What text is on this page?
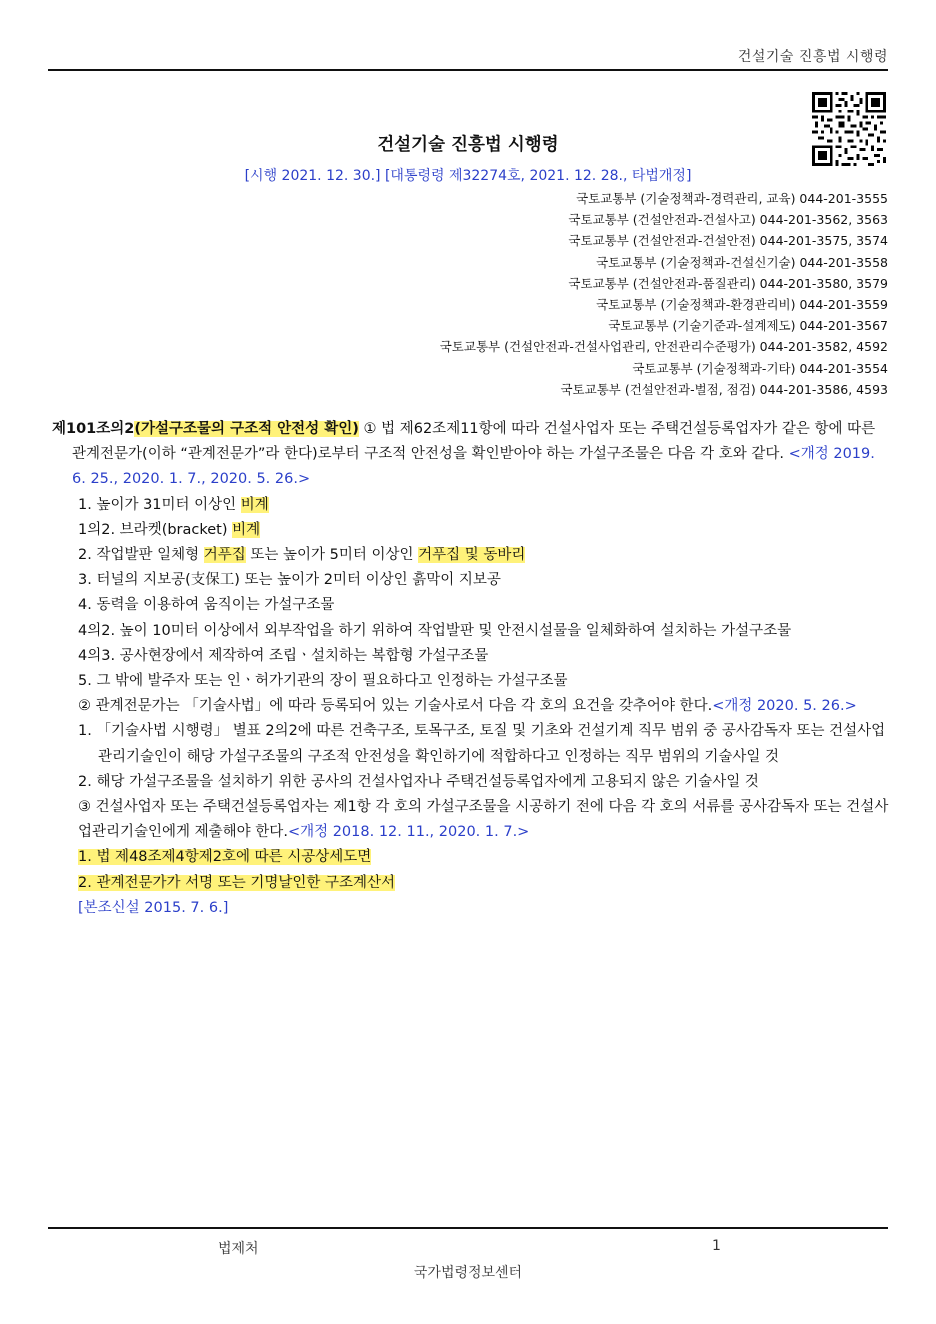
건설기술 진흥법 시행령
건설기술 진흥법 시행령
[시행 2021. 12. 30.] [대통령령 제32274호, 2021. 12. 28., 타법개정]
국토교통부 (기술정책과-경력관리, 교육) 044-201-3555
국토교통부 (건설안전과-건설사고) 044-201-3562, 3563
국토교통부 (건설안전과-건설안전) 044-201-3575, 3574
국토교통부 (기술정책과-건설신기술) 044-201-3558
국토교통부 (건설안전과-품질관리) 044-201-3580, 3579
국토교통부 (기술정책과-환경관리비) 044-201-3559
국토교통부 (기술기준과-설계제도) 044-201-3567
국토교통부 (건설안전과-건설사업관리, 안전관리수준평가) 044-201-3582, 4592
국토교통부 (기술정책과-기타) 044-201-3554
국토교통부 (건설안전과-벌점, 점검) 044-201-3586, 4593

제101조의2(가설구조물의 구조적 안전성 확인) ① 법 제62조제11항에 따라 건설사업자 또는 주택건설등록업자가 같은 항에 따른 관계전문가(이하 “관계전문가”라 한다)로부터 구조적 안전성을 확인받아야 하는 가설구조물은 다음 각 호와 같다. <개정 2019. 6. 25., 2020. 1. 7., 2020. 5. 26.>

1. 높이가 31미터 이상인 비계

1의2. 브라켓(bracket) 비계

2. 작업발판 일체형 거푸집 또는 높이가 5미터 이상인 거푸집 및 동바리

3. 터널의 지보공(支保工) 또는 높이가 2미터 이상인 흙막이 지보공

4. 동력을 이용하여 움직이는 가설구조물

4의2. 높이 10미터 이상에서 외부작업을 하기 위하여 작업발판 및 안전시설물을 일체화하여 설치하는 가설구조물

4의3. 공사현장에서 제작하여 조립ㆍ설치하는 복합형 가설구조물

5. 그 밖에 발주자 또는 인ㆍ허가기관의 장이 필요하다고 인정하는 가설구조물

② 관계전문가는 「기술사법」에 따라 등록되어 있는 기술사로서 다음 각 호의 요건을 갖추어야 한다.<개정 2020. 5. 26.>

1. 「기술사법 시행령」 별표 2의2에 따른 건축구조, 토목구조, 토질 및 기초와 건설기계 직무 범위 중 공사감독자 또는 건설사업관리기술인이 해당 가설구조물의 구조적 안전성을 확인하기에 적합하다고 인정하는 직무 범위의 기술사일 것

2. 해당 가설구조물을 설치하기 위한 공사의 건설사업자나 주택건설등록업자에게 고용되지 않은 기술사일 것

③ 건설사업자 또는 주택건설등록업자는 제1항 각 호의 가설구조물을 시공하기 전에 다음 각 호의 서류를 공사감독자 또는 건설사업관리기술인에게 제출해야 한다.<개정 2018. 12. 11., 2020. 1. 7.>

1. 법 제48조제4항제2호에 따른 시공상세도면

2. 관계전문가가 서명 또는 기명날인한 구조계산서

[본조신설 2015. 7. 6.]

법제처	1
국가법령정보센터
